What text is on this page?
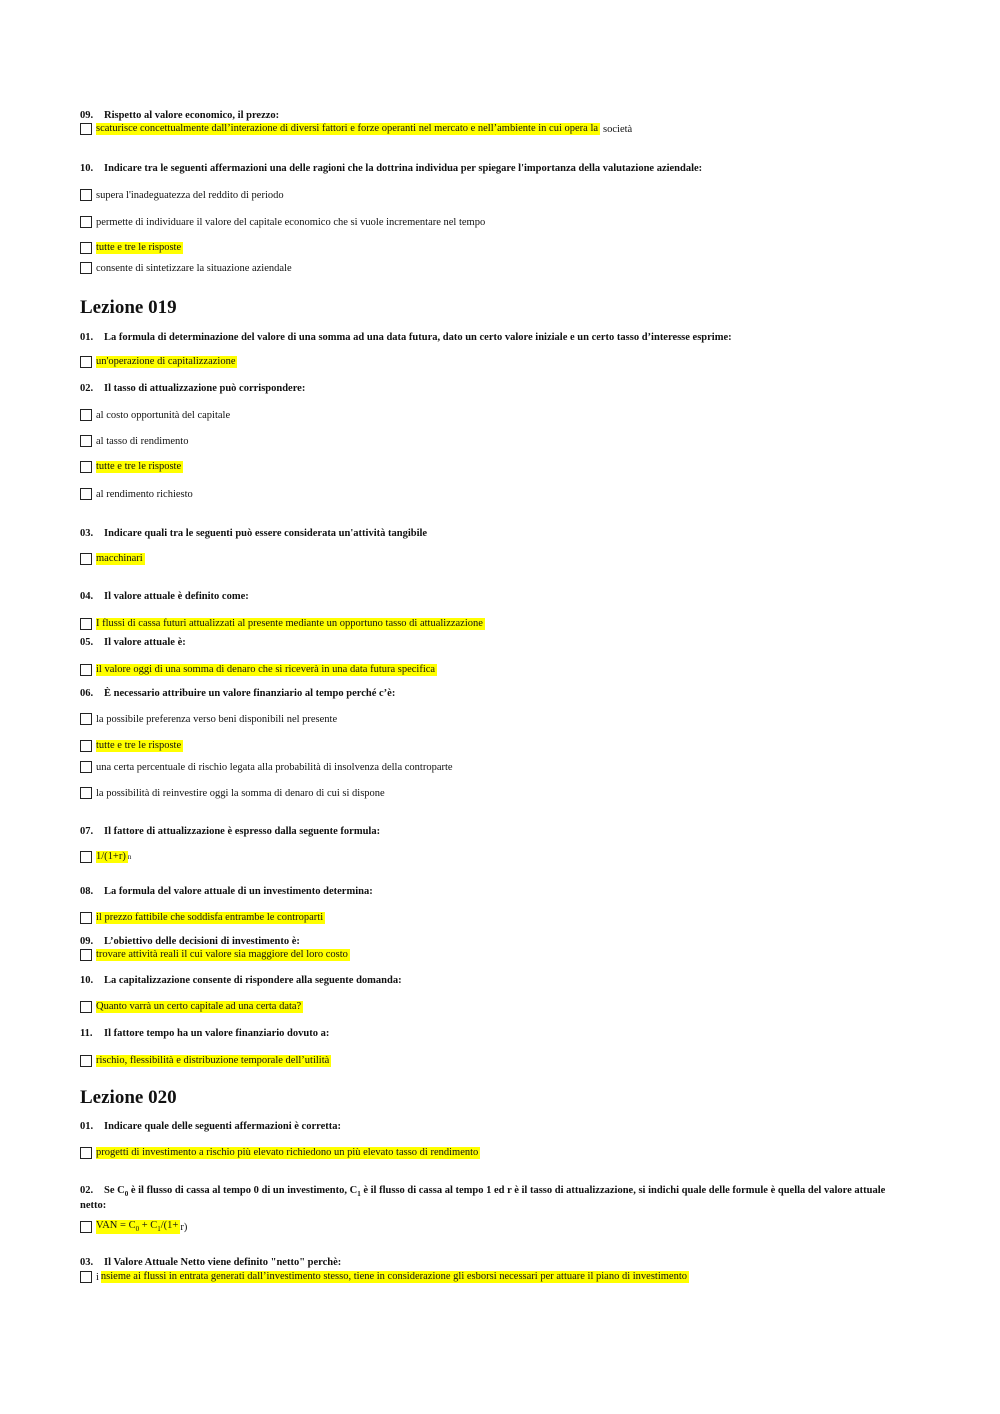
09. Rispetto al valore economico, il prezzo:

scaturisce concettualmente dall’interazione di diversi fattori e forze operanti nel mercato e nell’ambiente in cui opera la società

10. Indicare tra le seguenti affermazioni una delle ragioni che la dottrina individua per spiegare l'importanza della valutazione aziendale:

supera l'inadeguatezza del reddito di periodo
permette di individuare il valore del capitale economico che si vuole incrementare nel tempo
tutte e tre le risposte
consente di sintetizzare la situazione aziendale
Lezione 019

01. La formula di determinazione del valore di una somma ad una data futura, dato un certo valore iniziale e un certo tasso d’interesse esprime:

un'operazione di capitalizzazione

02. Il tasso di attualizzazione può corrispondere:

al costo opportunità del capitale
al tasso di rendimento
tutte e tre le risposte
al rendimento richiesto

03. Indicare quali tra le seguenti può essere considerata un'attività tangibile

macchinari

04. Il valore attuale è definito come:

I flussi di cassa futuri attualizzati al presente mediante un opportuno tasso di attualizzazione

05. Il valore attuale è:

il valore oggi di una somma di denaro che si riceverà in una data futura specifica

06. È necessario attribuire un valore finanziario al tempo perché c’è:

la possibile preferenza verso beni disponibili nel presente
tutte e tre le risposte
una certa percentuale di rischio legata alla probabilità di insolvenza della controparte
la possibilità di reinvestire oggi la somma di denaro di cui si dispone

07. Il fattore di attualizzazione è espresso dalla seguente formula:

1/(1+r) n

08. La formula del valore attuale di un investimento determina:

il prezzo fattibile che soddisfa entrambe le controparti

09. L’obiettivo delle decisioni di investimento è:

trovare attività reali il cui valore sia maggiore del loro costo

10. La capitalizzazione consente di rispondere alla seguente domanda:

Quanto varrà un certo capitale ad una certa data?

11. Il fattore tempo ha un valore finanziario dovuto a:

rischio, flessibilità e distribuzione temporale dell’utilità
Lezione 020

01. Indicare quale delle seguenti affermazioni è corretta:

progetti di investimento a rischio più elevato richiedono un più elevato tasso di rendimento

02. Se $C_0$ è il flusso di cassa al tempo 0 di un investimento, $C_1$ è il flusso di cassa al tempo 1 ed r è il tasso di attualizzazione, si indichi quale delle formule è quella del valore attuale netto:

VAN = $C_0 + C_1/(1+ r)$

03. Il Valore Attuale Netto viene definito "netto" perchè:

i nsieme ai flussi in entrata generati dall’investimento stesso, tiene in considerazione gli esborsi necessari per attuare il piano di investimento
